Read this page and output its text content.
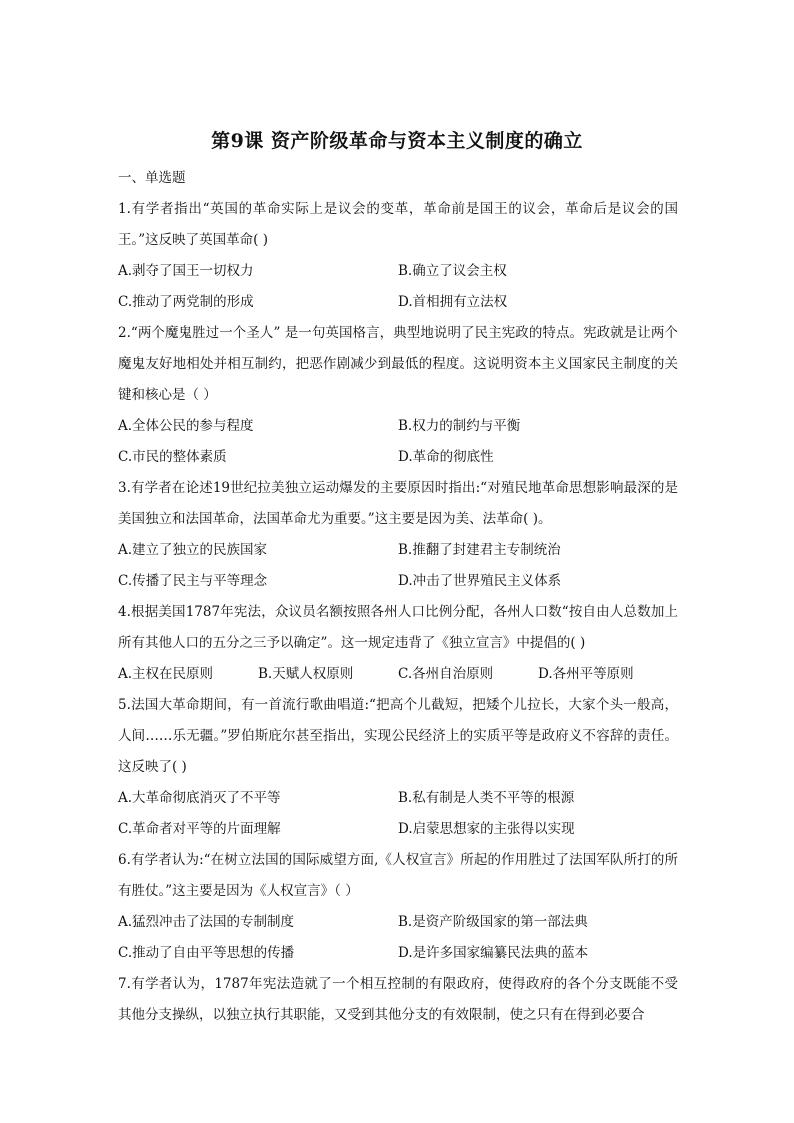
第9课 资产阶级革命与资本主义制度的确立
一、单选题

1.有学者指出“英国的革命实际上是议会的变革，革命前是国王的议会，革命后是议会的国王。”这反映了英国革命( )

A.剥夺了国王一切权力	B.确立了议会主权
C.推动了两党制的形成	D.首相拥有立法权

2.“两个魔鬼胜过一个圣人” 是一句英国格言，典型地说明了民主宪政的特点。宪政就是让两个魔鬼友好地相处并相互制约，把恶作剧减少到最低的程度。这说明资本主义国家民主制度的关键和核心是（ ）

A.全体公民的参与程度	B.权力的制约与平衡
C.市民的整体素质	D.革命的彻底性

3.有学者在论述19世纪拉美独立运动爆发的主要原因时指出:“对殖民地革命思想影响最深的是美国独立和法国革命，法国革命尤为重要。”这主要是因为美、法革命( )。

A.建立了独立的民族国家	B.推翻了封建君主专制统治
C.传播了民主与平等理念	D.冲击了世界殖民主义体系

4.根据美国1787年宪法，众议员名额按照各州人口比例分配，各州人口数“按自由人总数加上所有其他人口的五分之三予以确定”。这一规定违背了《独立宣言》中提倡的( )

A.主权在民原则	B.天赋人权原则	C.各州自治原则	D.各州平等原则

5.法国大革命期间，有一首流行歌曲唱道:“把高个儿截短，把矮个儿拉长，大家个头一般高，人间……乐无疆。”罗伯斯庇尔甚至指出，实现公民经济上的实质平等是政府义不容辞的责任。这反映了( )

A.大革命彻底消灭了不平等	B.私有制是人类不平等的根源
C.革命者对平等的片面理解	D.启蒙思想家的主张得以实现

6.有学者认为:“在树立法国的国际威望方面,《人权宣言》所起的作用胜过了法国军队所打的所有胜仗。”这主要是因为《人权宣言》（ ）

A.猛烈冲击了法国的专制制度	B.是资产阶级国家的第一部法典
C.推动了自由平等思想的传播	D.是许多国家编纂民法典的蓝本

7.有学者认为，1787年宪法造就了一个相互控制的有限政府，使得政府的各个分支既能不受其他分支操纵，以独立执行其职能，又受到其他分支的有效限制，使之只有在得到必要合
